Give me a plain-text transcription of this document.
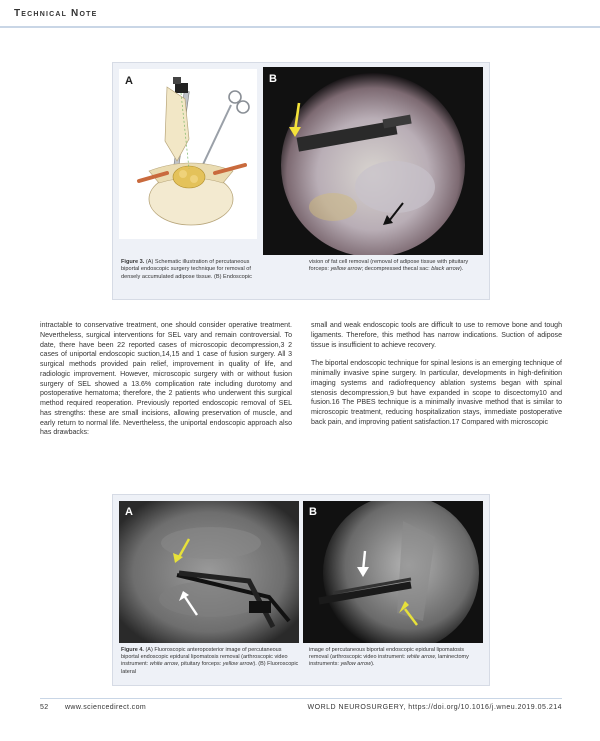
Technical Note
A	B
Figure 3. (A) Schematic illustration of percutaneous biportal endoscopic surgery technique for removal of densely accumulated adipose tissue. (B) Endoscopic
vision of fat cell removal (removal of adipose tissue with pituitary forceps: yellow arrow; decompressed thecal sac: black arrow).

intractable to conservative treatment, one should consider operative treatment. Nevertheless, surgical interventions for SEL vary and remain controversial. To date, there have been 22 reported cases of microscopic decompression,3 2 cases of uniportal endoscopic suction,14,15 and 1 case of fusion surgery. All 3 surgical methods provided pain relief, improvement in quality of life, and radiologic improvement. However, microscopic surgery with or without fusion surgery of SEL showed a 13.6% complication rate including durotomy and postoperative hematoma; therefore, the 2 patients who underwent this surgical method required reoperation. Previously reported endoscopic removal of SEL has strengths: these are small incisions, allowing preservation of muscle, and early return to normal life. Nevertheless, the uniportal endoscopic approach also has drawbacks:

small and weak endoscopic tools are difficult to use to remove bone and tough ligaments. Therefore, this method has narrow indications. Suction of adipose tissue is insufficient to achieve recovery.

The biportal endoscopic technique for spinal lesions is an emerging technique of minimally invasive spine surgery. In particular, developments in high-definition imaging systems and radiofrequency ablation systems began with spinal stenosis decompression,9 but have expanded in scope to discectomy10 and fusion.16 The PBES technique is a minimally invasive method that is similar to microscopic treatment, reducing hospitalization stays, immediate postoperative back pain, and improving patient satisfaction.17 Compared with microscopic

A	B
Figure 4. (A) Fluoroscopic anteroposterior image of percutaneous biportal endoscopic epidural lipomatosis removal (arthroscopic video instrument: white arrow, pituitary forceps: yellow arrow). (B) Fluoroscopic lateral
image of percutaneous biportal endoscopic epidural lipomatosis removal (arthroscopic video instrument: white arrow, laminectomy instruments: yellow arrow).
52 www.sciencedirect.com	WORLD NEUROSURGERY, https://doi.org/10.1016/j.wneu.2019.05.214
